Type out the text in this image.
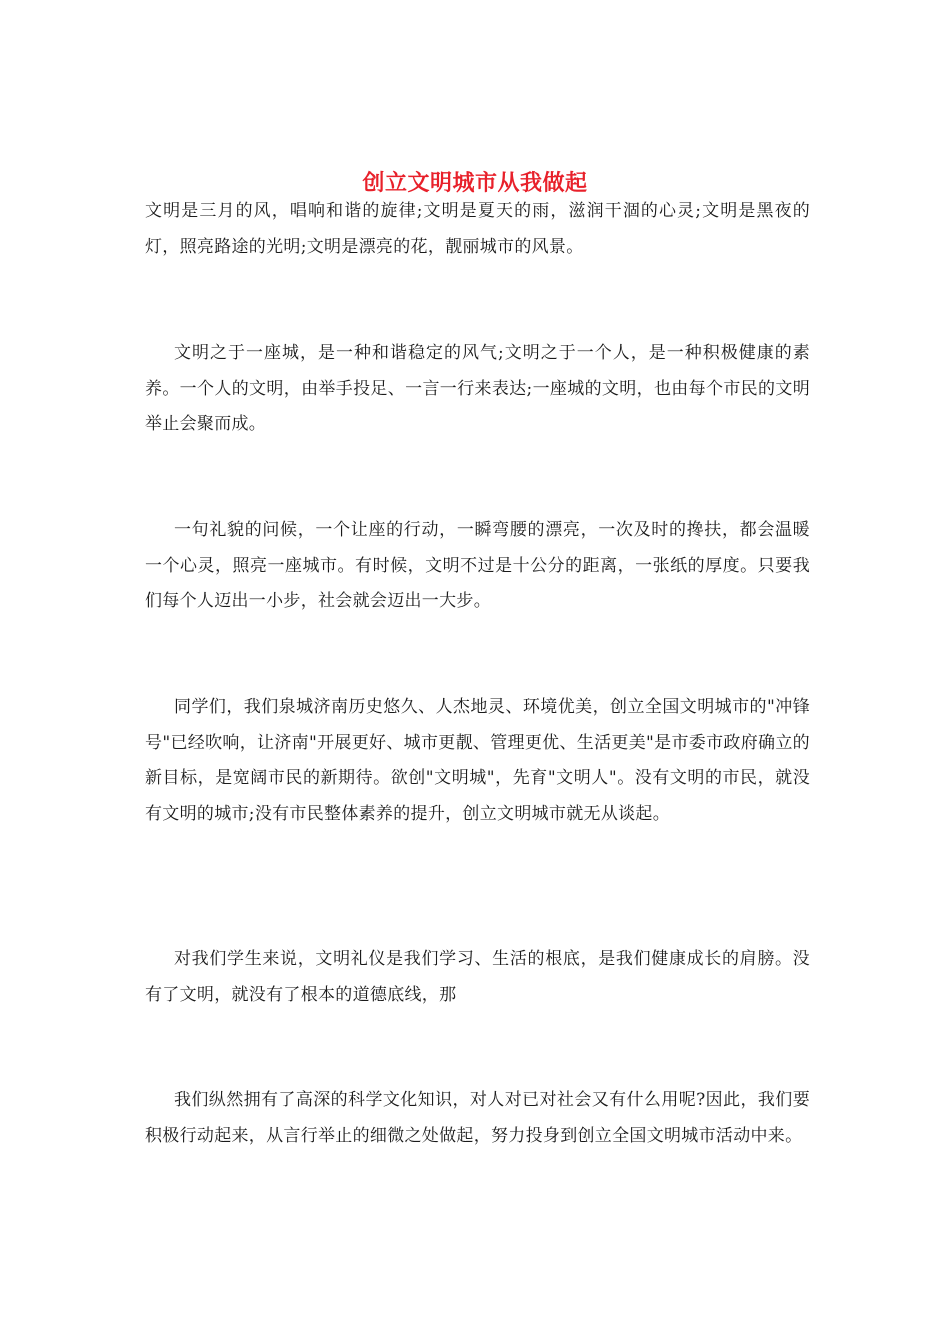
创立文明城市从我做起

文明是三月的风，唱响和谐的旋律;文明是夏天的雨，滋润干涸的心灵;文明是黑夜的灯，照亮路途的光明;文明是漂亮的花，靓丽城市的风景。

文明之于一座城，是一种和谐稳定的风气;文明之于一个人，是一种积极健康的素养。一个人的文明，由举手投足、一言一行来表达;一座城的文明，也由每个市民的文明举止会聚而成。

一句礼貌的问候，一个让座的行动，一瞬弯腰的漂亮，一次及时的搀扶，都会温暖一个心灵，照亮一座城市。有时候，文明不过是十公分的距离，一张纸的厚度。只要我们每个人迈出一小步，社会就会迈出一大步。

同学们，我们泉城济南历史悠久、人杰地灵、环境优美，创立全国文明城市的"冲锋号"已经吹响，让济南"开展更好、城市更靓、管理更优、生活更美"是市委市政府确立的新目标，是宽阔市民的新期待。欲创"文明城"，先育"文明人"。没有文明的市民，就没有文明的城市;没有市民整体素养的提升，创立文明城市就无从谈起。

对我们学生来说，文明礼仪是我们学习、生活的根底，是我们健康成长的肩膀。没有了文明，就没有了根本的道德底线，那

我们纵然拥有了高深的科学文化知识，对人对已对社会又有什么用呢?因此，我们要积极行动起来，从言行举止的细微之处做起，努力投身到创立全国文明城市活动中来。
